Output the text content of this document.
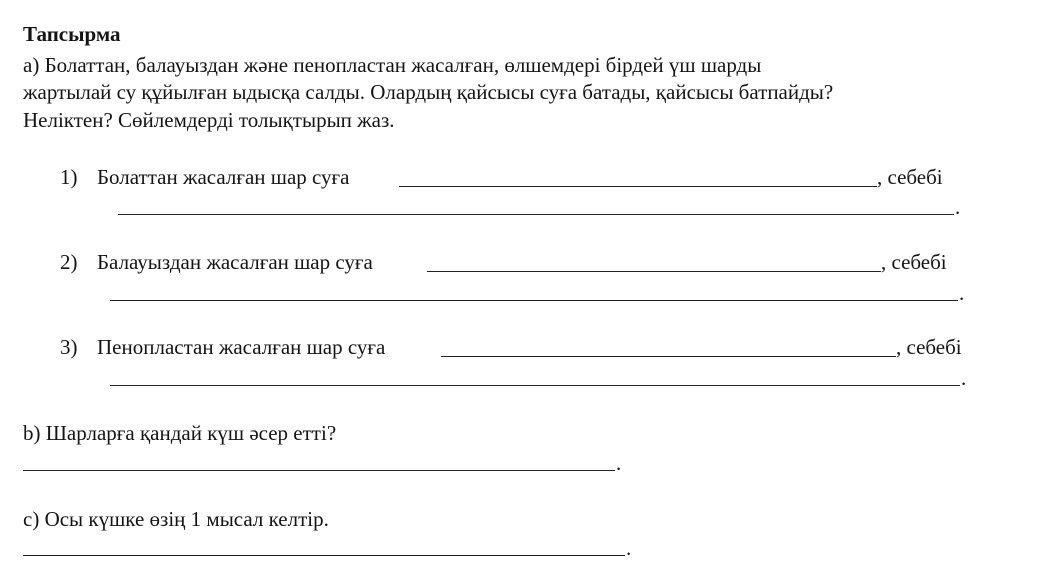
Тапсырма
a) Болаттан, балауыздан және пенопластан жасалған, өлшемдері бірдей үш шарды
жартылай су құйылған ыдысқа салды. Олардың қайсысы суға батады, қайсысы батпайды?
Неліктен? Сөйлемдерді толықтырып жаз.
1) Болаттан жасалған шар суға	, себебі
.
2) Балауыздан жасалған шар суға	, себебі
.
3) Пенопластан жасалған шар суға	, себебі
.
b) Шарларға қандай күш әсер етті?
.
c) Осы күшке өзің 1 мысал келтір.
.
